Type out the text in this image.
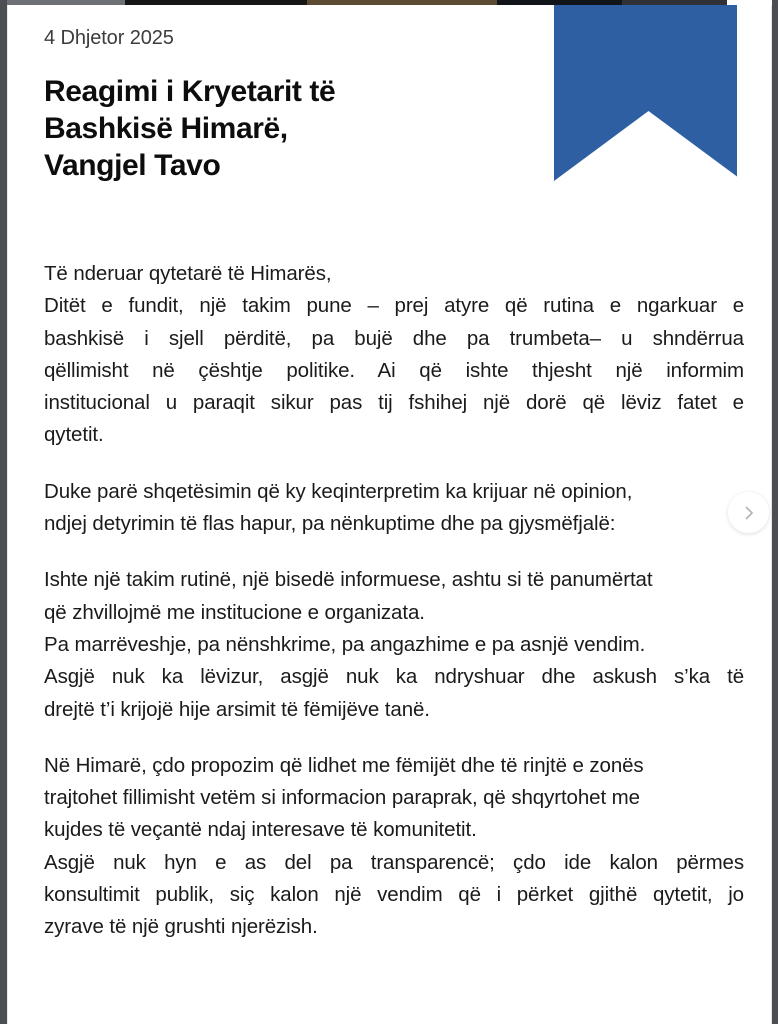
4 Dhjetor 2025
Reagimi i Kryetarit të
Bashkisë Himarë,
Vangjel Tavo

Të nderuar qytetarë të Himarës,
Ditët e fundit, një takim pune – prej atyre që rutina e ngarkuar e
bashkisë i sjell përditë, pa bujë dhe pa trumbeta– u shndërrua
qëllimisht në çështje politike. Ai që ishte thjesht një informim
institucional u paraqit sikur pas tij fshihej një dorë që lëviz fatet e
qytetit.

Duke parë shqetësimin që ky keqinterpretim ka krijuar në opinion,
ndjej detyrimin të flas hapur, pa nënkuptime dhe pa gjysmëfjalë:

Ishte një takim rutinë, një bisedë informuese, ashtu si të panumërtat
që zhvillojmë me institucione e organizata.
Pa marrëveshje, pa nënshkrime, pa angazhime e pa asnjë vendim.
Asgjë nuk ka lëvizur, asgjë nuk ka ndryshuar dhe askush s’ka të
drejtë t’i krijojë hije arsimit të fëmijëve tanë.

Në Himarë, çdo propozim që lidhet me fëmijët dhe të rinjtë e zonës
trajtohet fillimisht vetëm si informacion paraprak, që shqyrtohet me
kujdes të veçantë ndaj interesave të komunitetit.
Asgjë nuk hyn e as del pa transparencë; çdo ide kalon përmes
konsultimit publik, siç kalon një vendim që i përket gjithë qytetit, jo
zyrave të një grushti njerëzish.
